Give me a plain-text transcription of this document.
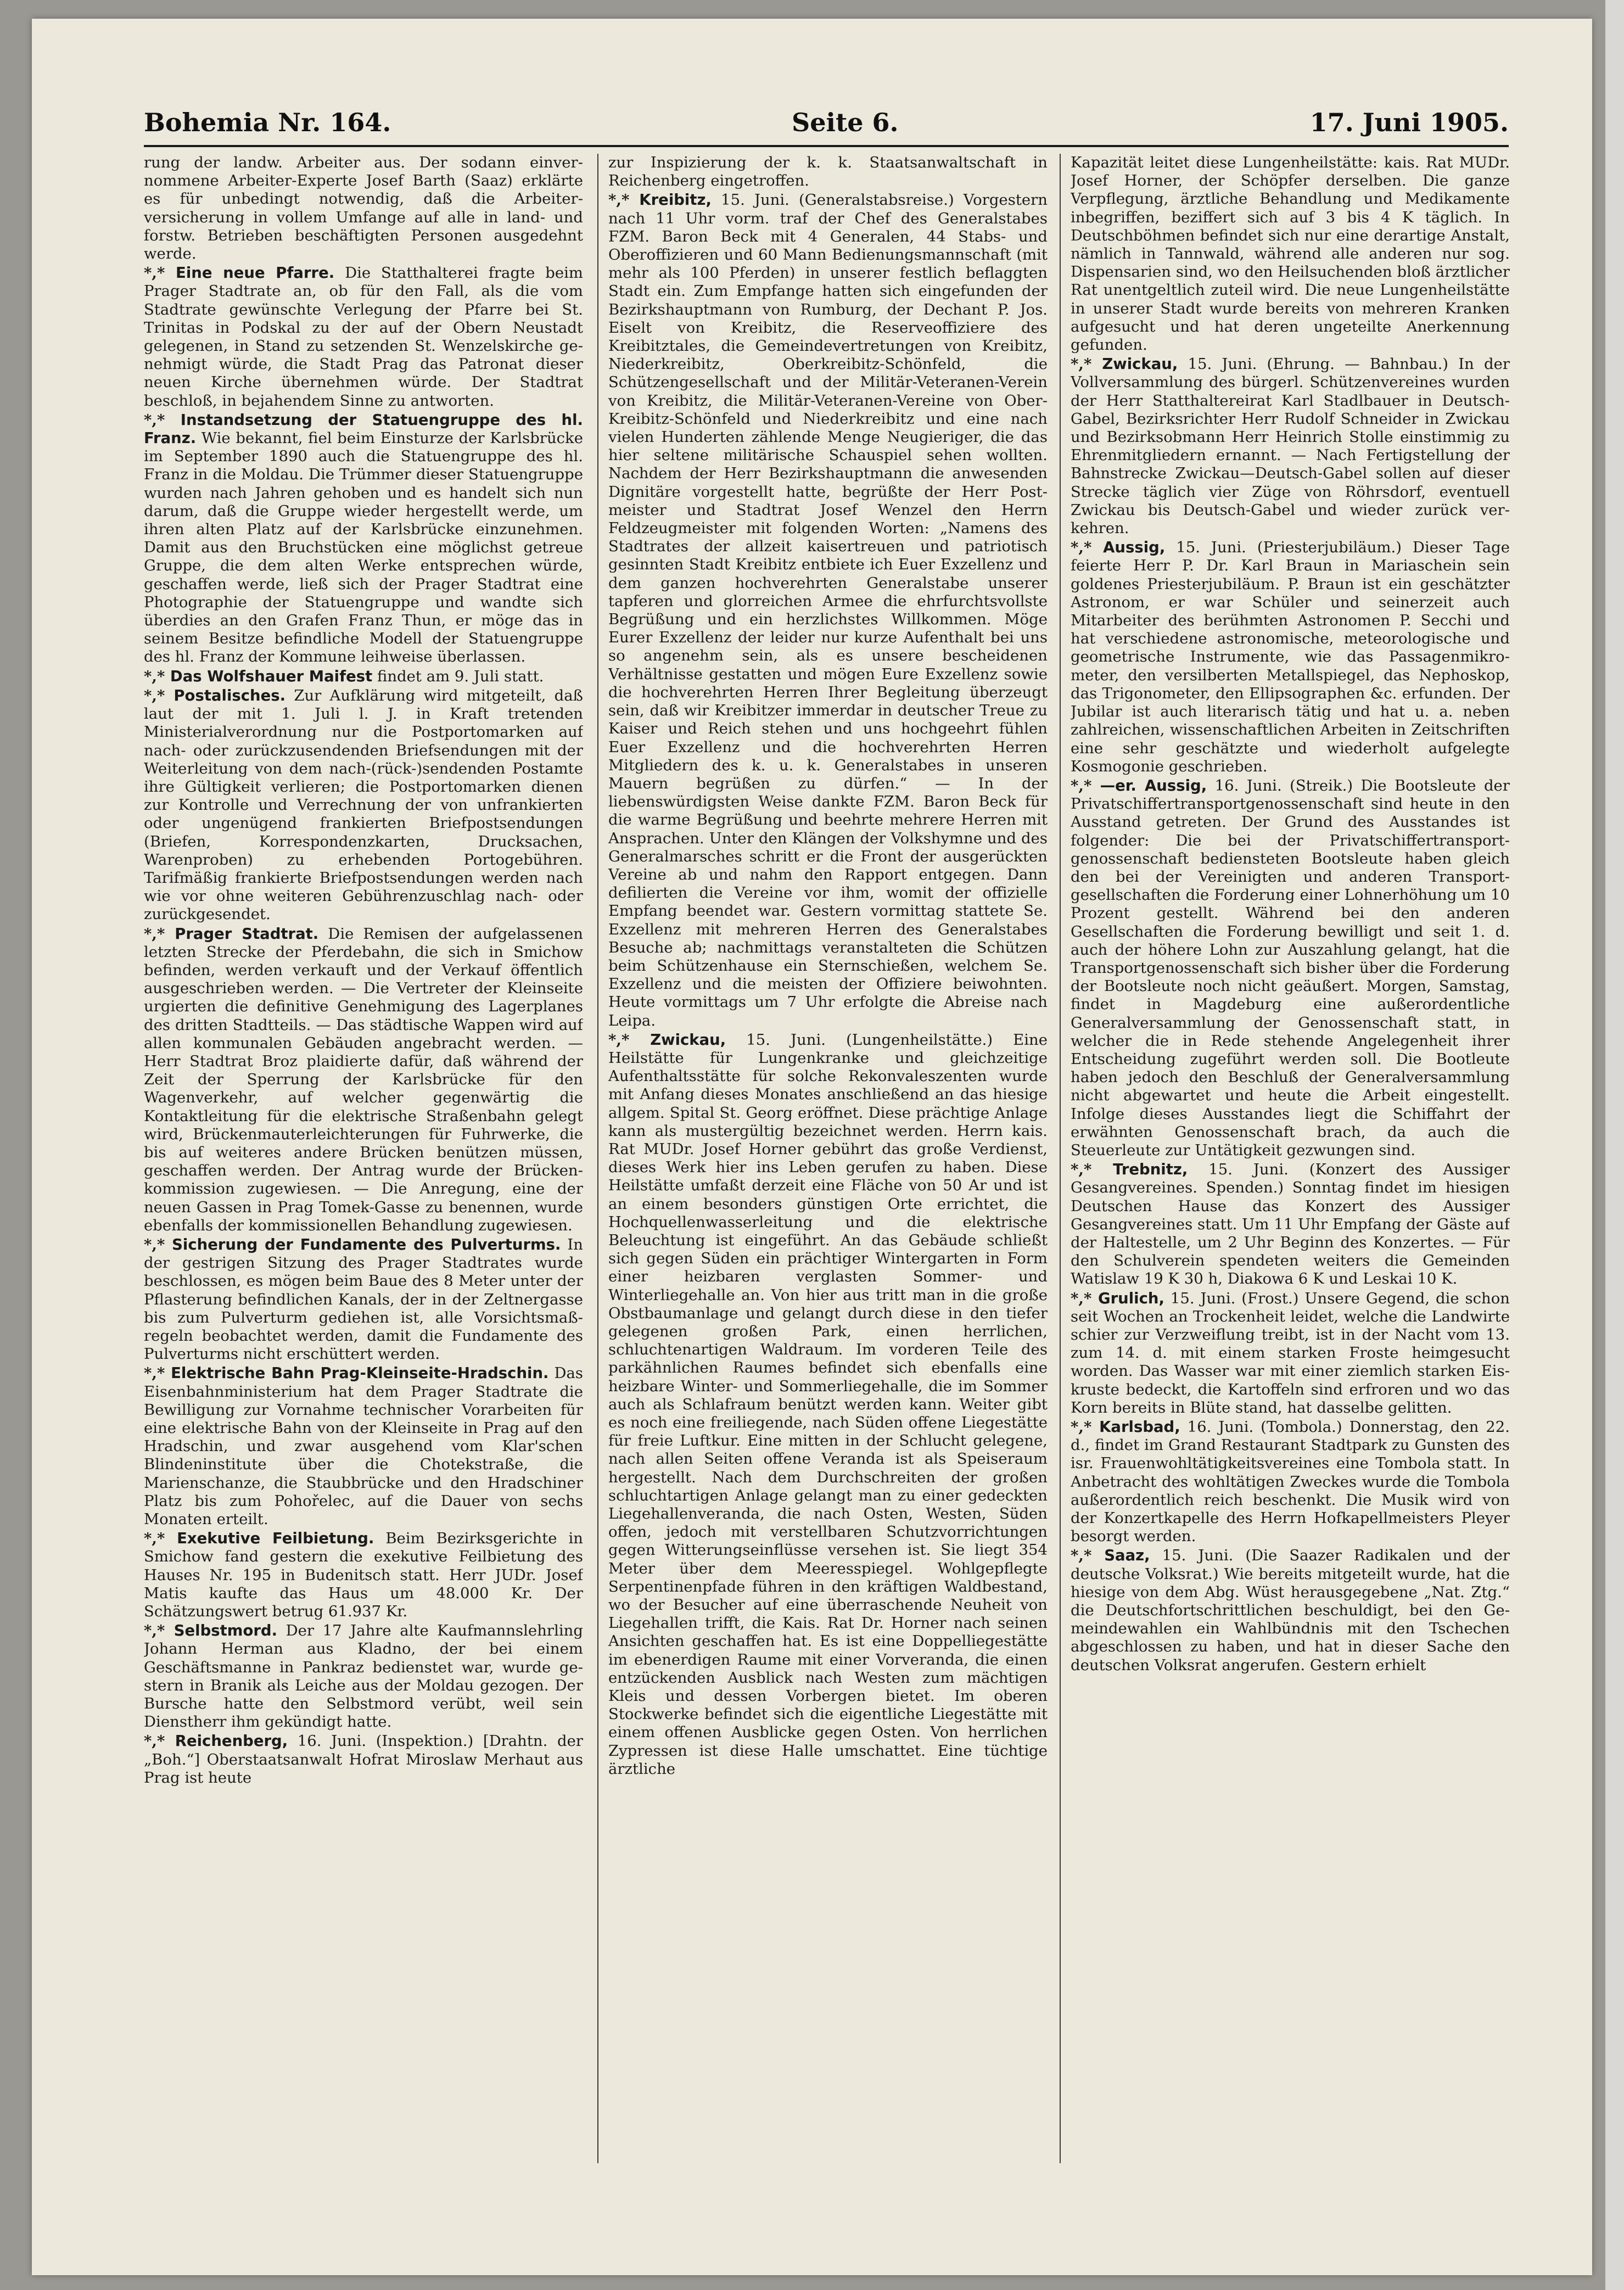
Bohemia Nr. 164.	Seite 6.	17. Juni 1905.

rung der landw. Arbeiter aus. Der sodann einvernommene Arbeiter-Experte Josef Barth (Saaz) erklärte es für unbedingt notwendig, daß die Arbeiterversicherung in vollem Umfange auf alle in land- und forstw. Betrieben beschäftigten Personen ausgedehnt werde.

*,* Eine neue Pfarre. Die Statthalterei fragte beim Prager Stadtrate an, ob für den Fall, als die vom Stadtrate gewünschte Verlegung der Pfarre bei St. Trinitas in Podskal zu der auf der Obern Neustadt gelegenen, in Stand zu setzenden St. Wenzelskirche genehmigt würde, die Stadt Prag das Patronat dieser neuen Kirche übernehmen würde. Der Stadtrat beschloß, in bejahendem Sinne zu antworten.

*,* Instandsetzung der Statuengruppe des hl. Franz. Wie bekannt, fiel beim Einsturze der Karlsbrücke im September 1890 auch die Statuengruppe des hl. Franz in die Moldau. Die Trümmer dieser Statuengruppe wurden nach Jahren gehoben und es handelt sich nun darum, daß die Gruppe wieder hergestellt werde, um ihren alten Platz auf der Karlsbrücke einzunehmen. Damit aus den Bruchstücken eine möglichst getreue Gruppe, die dem alten Werke entsprechen würde, geschaffen werde, ließ sich der Prager Stadtrat eine Photographie der Statuengruppe und wandte sich überdies an den Grafen Franz Thun, er möge das in seinem Besitze befindliche Modell der Statuengruppe des hl. Franz der Kommune leihweise überlassen.

*,* Das Wolfshauer Maifest findet am 9. Juli statt.

*,* Postalisches. Zur Aufklärung wird mitgeteilt, daß laut der mit 1. Juli l. J. in Kraft tretenden Ministerialverordnung nur die Postportomarken auf nach- oder zurückzusendenden Briefsendungen mit der Weiterleitung von dem nach-(rück-)sendenden Postamte ihre Gültigkeit verlieren; die Postportomarken dienen zur Kontrolle und Verrechnung der von unfrankierten oder ungenügend frankierten Briefpostsendungen (Briefen, Korrespondenzkarten, Drucksachen, Warenproben) zu erhebenden Portogebühren. Tarifmäßig frankierte Briefpostsendungen werden nach wie vor ohne weiteren Gebührenzuschlag nach- oder zurückgesendet.

*,* Prager Stadtrat. Die Remisen der aufgelassenen letzten Strecke der Pferdebahn, die sich in Smichow befinden, werden verkauft und der Verkauf öffentlich ausgeschrieben werden. — Die Vertreter der Kleinseite urgierten die definitive Genehmigung des Lagerplanes des dritten Stadtteils. — Das städtische Wappen wird auf allen kommunalen Gebäuden angebracht werden. — Herr Stadtrat Broz plaidierte dafür, daß während der Zeit der Sperrung der Karlsbrücke für den Wagenverkehr, auf welcher gegenwärtig die Kontaktleitung für die elektrische Straßenbahn gelegt wird, Brückenmauterleichterungen für Fuhrwerke, die bis auf weiteres andere Brücken benützen müssen, geschaffen werden. Der Antrag wurde der Brückenkommission zugewiesen. — Die Anregung, eine der neuen Gassen in Prag Tomek-Gasse zu benennen, wurde ebenfalls der kommissionellen Behandlung zugewiesen.

*,* Sicherung der Fundamente des Pulverturms. In der gestrigen Sitzung des Prager Stadtrates wurde beschlossen, es mögen beim Baue des 8 Meter unter der Pflasterung befindlichen Kanals, der in der Zeltnergasse bis zum Pulverturm gediehen ist, alle Vorsichtsmaßregeln beobachtet werden, damit die Fundamente des Pulverturms nicht erschüttert werden.

*,* Elektrische Bahn Prag-Kleinseite-Hradschin. Das Eisenbahnministerium hat dem Prager Stadtrate die Bewilligung zur Vornahme technischer Vorarbeiten für eine elektrische Bahn von der Kleinseite in Prag auf den Hradschin, und zwar ausgehend vom Klar'schen Blindeninstitute über die Chotekstraße, die Marienschanze, die Staubbrücke und den Hradschiner Platz bis zum Pohořelec, auf die Dauer von sechs Monaten erteilt.

*,* Exekutive Feilbietung. Beim Bezirksgerichte in Smichow fand gestern die exekutive Feilbietung des Hauses Nr. 195 in Budenitsch statt. Herr JUDr. Josef Matis kaufte das Haus um 48.000 Kr. Der Schätzungswert betrug 61.937 Kr.

*,* Selbstmord. Der 17 Jahre alte Kaufmannslehrling Johann Herman aus Kladno, der bei einem Geschäftsmanne in Pankraz bedienstet war, wurde gestern in Branik als Leiche aus der Moldau gezogen. Der Bursche hatte den Selbstmord verübt, weil sein Dienstherr ihm gekündigt hatte.

*,* Reichenberg, 16. Juni. (Inspektion.) [Drahtn. der „Boh.“] Oberstaatsanwalt Hofrat Miroslaw Merhaut aus Prag ist heute

zur Inspizierung der k. k. Staatsanwaltschaft in Reichenberg eingetroffen.

*,* Kreibitz, 15. Juni. (Generalstabsreise.) Vorgestern nach 11 Uhr vorm. traf der Chef des Generalstabes FZM. Baron Beck mit 4 Generalen, 44 Stabs- und Oberoffizieren und 60 Mann Bedienungsmannschaft (mit mehr als 100 Pferden) in unserer festlich beflaggten Stadt ein. Zum Empfange hatten sich eingefunden der Bezirkshauptmann von Rumburg, der Dechant P. Jos. Eiselt von Kreibitz, die Reserveoffiziere des Kreibitztales, die Gemeindevertretungen von Kreibitz, Niederkreibitz, Oberkreibitz-Schönfeld, die Schützengesellschaft und der Militär-Veteranen-Verein von Kreibitz, die Militär-Veteranen-Vereine von Ober-Kreibitz-Schönfeld und Niederkreibitz und eine nach vielen Hunderten zählende Menge Neugieriger, die das hier seltene militärische Schauspiel sehen wollten. Nachdem der Herr Bezirkshauptmann die anwesenden Dignitäre vorgestellt hatte, begrüßte der Herr Postmeister und Stadtrat Josef Wenzel den Herrn Feldzeugmeister mit folgenden Worten: „Namens des Stadtrates der allzeit kaisertreuen und patriotisch gesinnten Stadt Kreibitz entbiete ich Euer Exzellenz und dem ganzen hochverehrten Generalstabe unserer tapferen und glorreichen Armee die ehrfurchtsvollste Begrüßung und ein herzlichstes Willkommen. Möge Eurer Exzellenz der leider nur kurze Aufenthalt bei uns so angenehm sein, als es unsere bescheidenen Verhältnisse gestatten und mögen Eure Exzellenz sowie die hochverehrten Herren Ihrer Begleitung überzeugt sein, daß wir Kreibitzer immerdar in deutscher Treue zu Kaiser und Reich stehen und uns hochgeehrt fühlen Euer Exzellenz und die hochverehrten Herren Mitgliedern des k. u. k. Generalstabes in unseren Mauern begrüßen zu dürfen.“ — In der liebenswürdigsten Weise dankte FZM. Baron Beck für die warme Begrüßung und beehrte mehrere Herren mit Ansprachen. Unter den Klängen der Volkshymne und des Generalmarsches schritt er die Front der ausgerückten Vereine ab und nahm den Rapport entgegen. Dann defilierten die Vereine vor ihm, womit der offizielle Empfang beendet war. Gestern vormittag stattete Se. Exzellenz mit mehreren Herren des Generalstabes Besuche ab; nachmittags veranstalteten die Schützen beim Schützenhause ein Sternschießen, welchem Se. Exzellenz und die meisten der Offiziere beiwohnten. Heute vormittags um 7 Uhr erfolgte die Abreise nach Leipa.

*,* Zwickau, 15. Juni. (Lungenheilstätte.) Eine Heilstätte für Lungenkranke und gleichzeitige Aufenthaltsstätte für solche Rekonvaleszenten wurde mit Anfang dieses Monates anschließend an das hiesige allgem. Spital St. Georg eröffnet. Diese prächtige Anlage kann als mustergültig bezeichnet werden. Herrn kais. Rat MUDr. Josef Horner gebührt das große Verdienst, dieses Werk hier ins Leben gerufen zu haben. Diese Heilstätte umfaßt derzeit eine Fläche von 50 Ar und ist an einem besonders günstigen Orte errichtet, die Hochquellenwasserleitung und die elektrische Beleuchtung ist eingeführt. An das Gebäude schließt sich gegen Süden ein prächtiger Wintergarten in Form einer heizbaren verglasten Sommer- und Winterliegehalle an. Von hier aus tritt man in die große Obstbaumanlage und gelangt durch diese in den tiefer gelegenen großen Park, einen herrlichen, schluchtenartigen Waldraum. Im vorderen Teile des parkähnlichen Raumes befindet sich ebenfalls eine heizbare Winter- und Sommerliegehalle, die im Sommer auch als Schlafraum benützt werden kann. Weiter gibt es noch eine freiliegende, nach Süden offene Liegestätte für freie Luftkur. Eine mitten in der Schlucht gelegene, nach allen Seiten offene Veranda ist als Speiseraum hergestellt. Nach dem Durchschreiten der großen schluchtartigen Anlage gelangt man zu einer gedeckten Liegehallenveranda, die nach Osten, Westen, Süden offen, jedoch mit verstellbaren Schutzvorrichtungen gegen Witterungseinflüsse versehen ist. Sie liegt 354 Meter über dem Meeresspiegel. Wohlgepflegte Serpentinenpfade führen in den kräftigen Waldbestand, wo der Besucher auf eine überraschende Neuheit von Liegehallen trifft, die Kais. Rat Dr. Horner nach seinen Ansichten geschaffen hat. Es ist eine Doppelliegestätte im ebenerdigen Raume mit einer Vorveranda, die einen entzückenden Ausblick nach Westen zum mächtigen Kleis und dessen Vorbergen bietet. Im oberen Stockwerke befindet sich die eigentliche Liegestätte mit einem offenen Ausblicke gegen Osten. Von herrlichen Zypressen ist diese Halle umschattet. Eine tüchtige ärztliche

Kapazität leitet diese Lungenheilstätte: kais. Rat MUDr. Josef Horner, der Schöpfer derselben. Die ganze Verpflegung, ärztliche Behandlung und Medikamente inbegriffen, beziffert sich auf 3 bis 4 K täglich. In Deutschböhmen befindet sich nur eine derartige Anstalt, nämlich in Tannwald, während alle anderen nur sog. Dispensarien sind, wo den Heilsuchenden bloß ärztlicher Rat unentgeltlich zuteil wird. Die neue Lungenheilstätte in unserer Stadt wurde bereits von mehreren Kranken aufgesucht und hat deren ungeteilte Anerkennung gefunden.

*,* Zwickau, 15. Juni. (Ehrung. — Bahnbau.) In der Vollversammlung des bürgerl. Schützenvereines wurden der Herr Statthaltereirat Karl Stadlbauer in Deutsch-Gabel, Bezirksrichter Herr Rudolf Schneider in Zwickau und Bezirksobmann Herr Heinrich Stolle einstimmig zu Ehrenmitgliedern ernannt. — Nach Fertigstellung der Bahnstrecke Zwickau—Deutsch-Gabel sollen auf dieser Strecke täglich vier Züge von Röhrsdorf, eventuell Zwickau bis Deutsch-Gabel und wieder zurück verkehren.

*,* Aussig, 15. Juni. (Priesterjubiläum.) Dieser Tage feierte Herr P. Dr. Karl Braun in Mariaschein sein goldenes Priesterjubiläum. P. Braun ist ein geschätzter Astronom, er war Schüler und seinerzeit auch Mitarbeiter des berühmten Astronomen P. Secchi und hat verschiedene astronomische, meteorologische und geometrische Instrumente, wie das Passagenmikrometer, den versilberten Metallspiegel, das Nephoskop, das Trigonometer, den Ellipsographen &c. erfunden. Der Jubilar ist auch literarisch tätig und hat u. a. neben zahlreichen, wissenschaftlichen Arbeiten in Zeitschriften eine sehr geschätzte und wiederholt aufgelegte Kosmogonie geschrieben.

*,* —er. Aussig, 16. Juni. (Streik.) Die Bootsleute der Privatschiffertransportgenossenschaft sind heute in den Ausstand getreten. Der Grund des Ausstandes ist folgender: Die bei der Privatschiffertransportgenossenschaft bediensteten Bootsleute haben gleich den bei der Vereinigten und anderen Transportgesellschaften die Forderung einer Lohnerhöhung um 10 Prozent gestellt. Während bei den anderen Gesellschaften die Forderung bewilligt und seit 1. d. auch der höhere Lohn zur Auszahlung gelangt, hat die Transportgenossenschaft sich bisher über die Forderung der Bootsleute noch nicht geäußert. Morgen, Samstag, findet in Magdeburg eine außerordentliche Generalversammlung der Genossenschaft statt, in welcher die in Rede stehende Angelegenheit ihrer Entscheidung zugeführt werden soll. Die Bootleute haben jedoch den Beschluß der Generalversammlung nicht abgewartet und heute die Arbeit eingestellt. Infolge dieses Ausstandes liegt die Schiffahrt der erwähnten Genossenschaft brach, da auch die Steuerleute zur Untätigkeit gezwungen sind.

*,* Trebnitz, 15. Juni. (Konzert des Aussiger Gesangvereines. Spenden.) Sonntag findet im hiesigen Deutschen Hause das Konzert des Aussiger Gesangvereines statt. Um 11 Uhr Empfang der Gäste auf der Haltestelle, um 2 Uhr Beginn des Konzertes. — Für den Schulverein spendeten weiters die Gemeinden Watislaw 19 K 30 h, Diakowa 6 K und Leskai 10 K.

*,* Grulich, 15. Juni. (Frost.) Unsere Gegend, die schon seit Wochen an Trockenheit leidet, welche die Landwirte schier zur Verzweiflung treibt, ist in der Nacht vom 13. zum 14. d. mit einem starken Froste heimgesucht worden. Das Wasser war mit einer ziemlich starken Eiskruste bedeckt, die Kartoffeln sind erfroren und wo das Korn bereits in Blüte stand, hat dasselbe gelitten.

*,* Karlsbad, 16. Juni. (Tombola.) Donnerstag, den 22. d., findet im Grand Restaurant Stadtpark zu Gunsten des isr. Frauenwohltätigkeitsvereines eine Tombola statt. In Anbetracht des wohltätigen Zweckes wurde die Tombola außerordentlich reich beschenkt. Die Musik wird von der Konzertkapelle des Herrn Hofkapellmeisters Pleyer besorgt werden.

*,* Saaz, 15. Juni. (Die Saazer Radikalen und der deutsche Volksrat.) Wie bereits mitgeteilt wurde, hat die hiesige von dem Abg. Wüst herausgegebene „Nat. Ztg.“ die Deutschfortschrittlichen beschuldigt, bei den Gemeindewahlen ein Wahlbündnis mit den Tschechen abgeschlossen zu haben, und hat in dieser Sache den deutschen Volksrat angerufen. Gestern erhielt
